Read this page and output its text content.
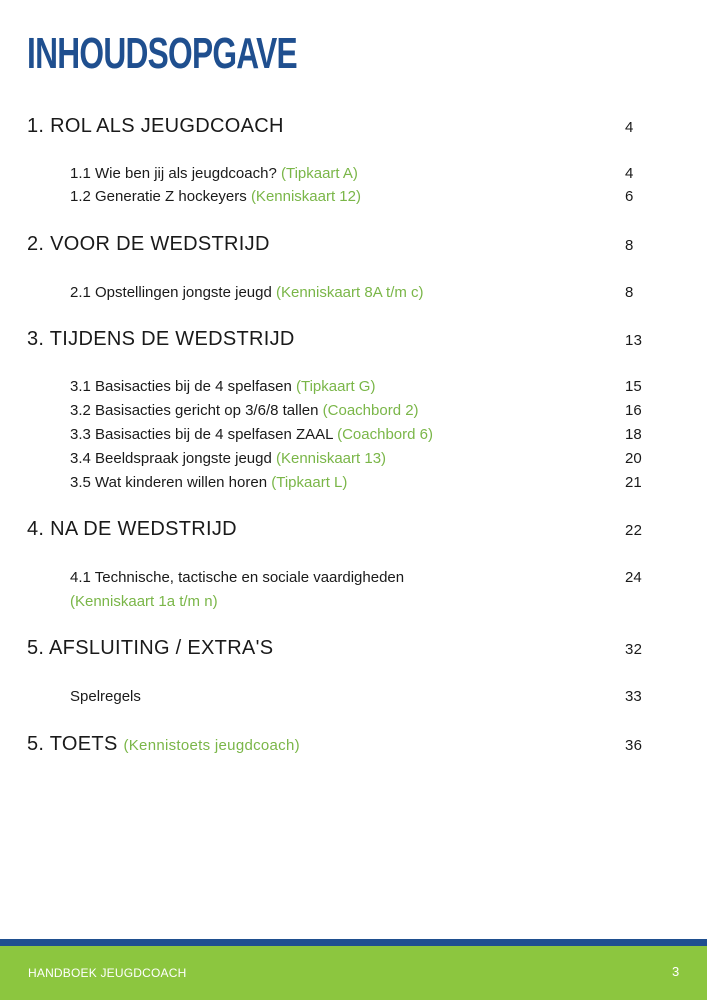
INHOUDSOPGAVE
1. ROL ALS JEUGDCOACH	4
1.1 Wie ben jij als jeugdcoach? (Tipkaart A)	4
1.2 Generatie Z hockeyers (Kenniskaart 12)	6
2. VOOR DE WEDSTRIJD	8
2.1 Opstellingen jongste jeugd (Kenniskaart 8A t/m c)	8
3. TIJDENS DE WEDSTRIJD	13
3.1 Basisacties bij de 4 spelfasen (Tipkaart G)	15
3.2 Basisacties gericht op 3/6/8 tallen (Coachbord 2)	16
3.3 Basisacties bij de 4 spelfasen ZAAL (Coachbord 6)	18
3.4 Beeldspraak jongste jeugd (Kenniskaart 13)	20
3.5 Wat kinderen willen horen (Tipkaart L)	21
4. NA DE WEDSTRIJD	22
4.1 Technische, tactische en sociale vaardigheden	24
(Kenniskaart 1a t/m n)
5. AFSLUITING / EXTRA'S	32
Spelregels	33
5. TOETS (Kennistoets jeugdcoach)	36
HANDBOEK JEUGDCOACH	3
